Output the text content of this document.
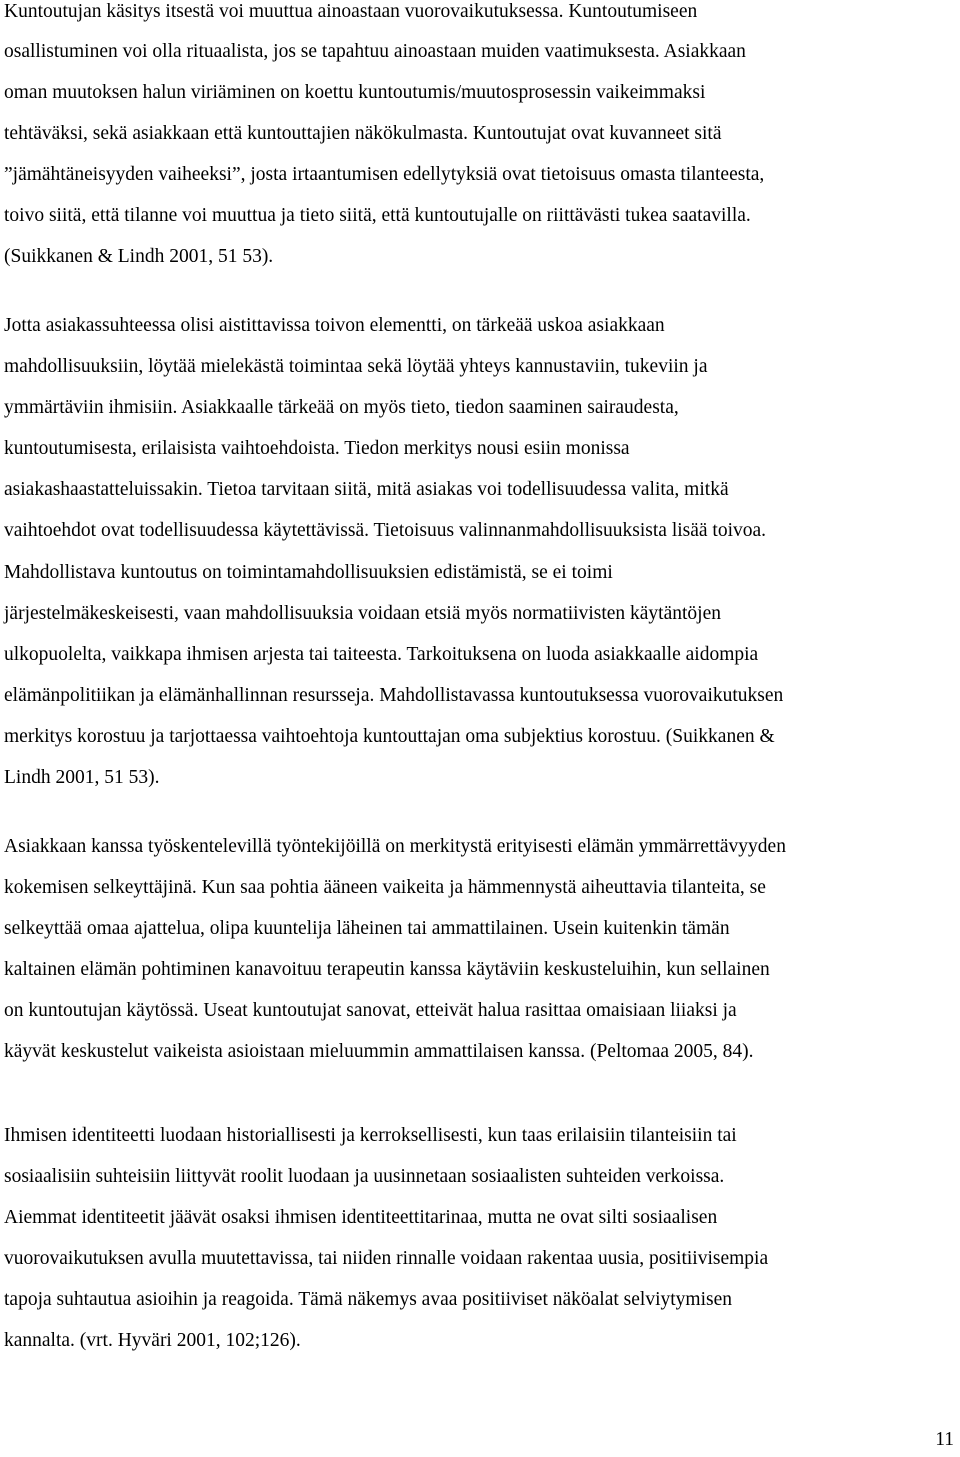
Kuntoutujan käsitys itsestä voi muuttua ainoastaan vuorovaikutuksessa. Kuntoutumiseen
osallistuminen voi olla rituaalista, jos se tapahtuu ainoastaan muiden vaatimuksesta. Asiakkaan
oman muutoksen halun viriäminen on koettu kuntoutumis/muutosprosessin vaikeimmaksi
tehtäväksi, sekä asiakkaan että kuntouttajien näkökulmasta. Kuntoutujat ovat kuvanneet sitä
”jämähtäneisyyden vaiheeksi”, josta irtaantumisen edellytyksiä ovat tietoisuus omasta tilanteesta,
toivo siitä, että tilanne voi muuttua ja tieto siitä, että kuntoutujalle on riittävästi tukea saatavilla.
(Suikkanen & Lindh 2001, 51 53).
Jotta asiakassuhteessa olisi aistittavissa toivon elementti, on tärkeää uskoa asiakkaan
mahdollisuuksiin, löytää mielekästä toimintaa sekä löytää yhteys kannustaviin, tukeviin ja
ymmärtäviin ihmisiin. Asiakkaalle tärkeää on myös tieto, tiedon saaminen sairaudesta,
kuntoutumisesta, erilaisista vaihtoehdoista. Tiedon merkitys nousi esiin monissa
asiakashaastatteluissakin. Tietoa tarvitaan siitä, mitä asiakas voi todellisuudessa valita, mitkä
vaihtoehdot ovat todellisuudessa käytettävissä. Tietoisuus valinnanmahdollisuuksista lisää toivoa.
Mahdollistava kuntoutus on toimintamahdollisuuksien edistämistä, se ei toimi
järjestelmäkeskeisesti, vaan mahdollisuuksia voidaan etsiä myös normatiivisten käytäntöjen
ulkopuolelta, vaikkapa ihmisen arjesta tai taiteesta. Tarkoituksena on luoda asiakkaalle aidompia
elämänpolitiikan ja elämänhallinnan resursseja. Mahdollistavassa kuntoutuksessa vuorovaikutuksen
merkitys korostuu ja tarjottaessa vaihtoehtoja kuntouttajan oma subjektius korostuu. (Suikkanen &
Lindh 2001, 51 53).
Asiakkaan kanssa työskentelevillä työntekijöillä on merkitystä erityisesti elämän ymmärrettävyyden
kokemisen selkeyttäjinä. Kun saa pohtia ääneen vaikeita ja hämmennystä aiheuttavia tilanteita, se
selkeyttää omaa ajattelua, olipa kuuntelija läheinen tai ammattilainen. Usein kuitenkin tämän
kaltainen elämän pohtiminen kanavoituu terapeutin kanssa käytäviin keskusteluihin, kun sellainen
on kuntoutujan käytössä. Useat kuntoutujat sanovat, etteivät halua rasittaa omaisiaan liiaksi ja
käyvät keskustelut vaikeista asioistaan mieluummin ammattilaisen kanssa. (Peltomaa 2005, 84).
Ihmisen identiteetti luodaan historiallisesti ja kerroksellisesti, kun taas erilaisiin tilanteisiin tai
sosiaalisiin suhteisiin liittyvät roolit luodaan ja uusinnetaan sosiaalisten suhteiden verkoissa.
Aiemmat identiteetit jäävät osaksi ihmisen identiteettitarinaa, mutta ne ovat silti sosiaalisen
vuorovaikutuksen avulla muutettavissa, tai niiden rinnalle voidaan rakentaa uusia, positiivisempia
tapoja suhtautua asioihin ja reagoida. Tämä näkemys avaa positiiviset näköalat selviytymisen
kannalta. (vrt. Hyväri 2001, 102;126).
11
